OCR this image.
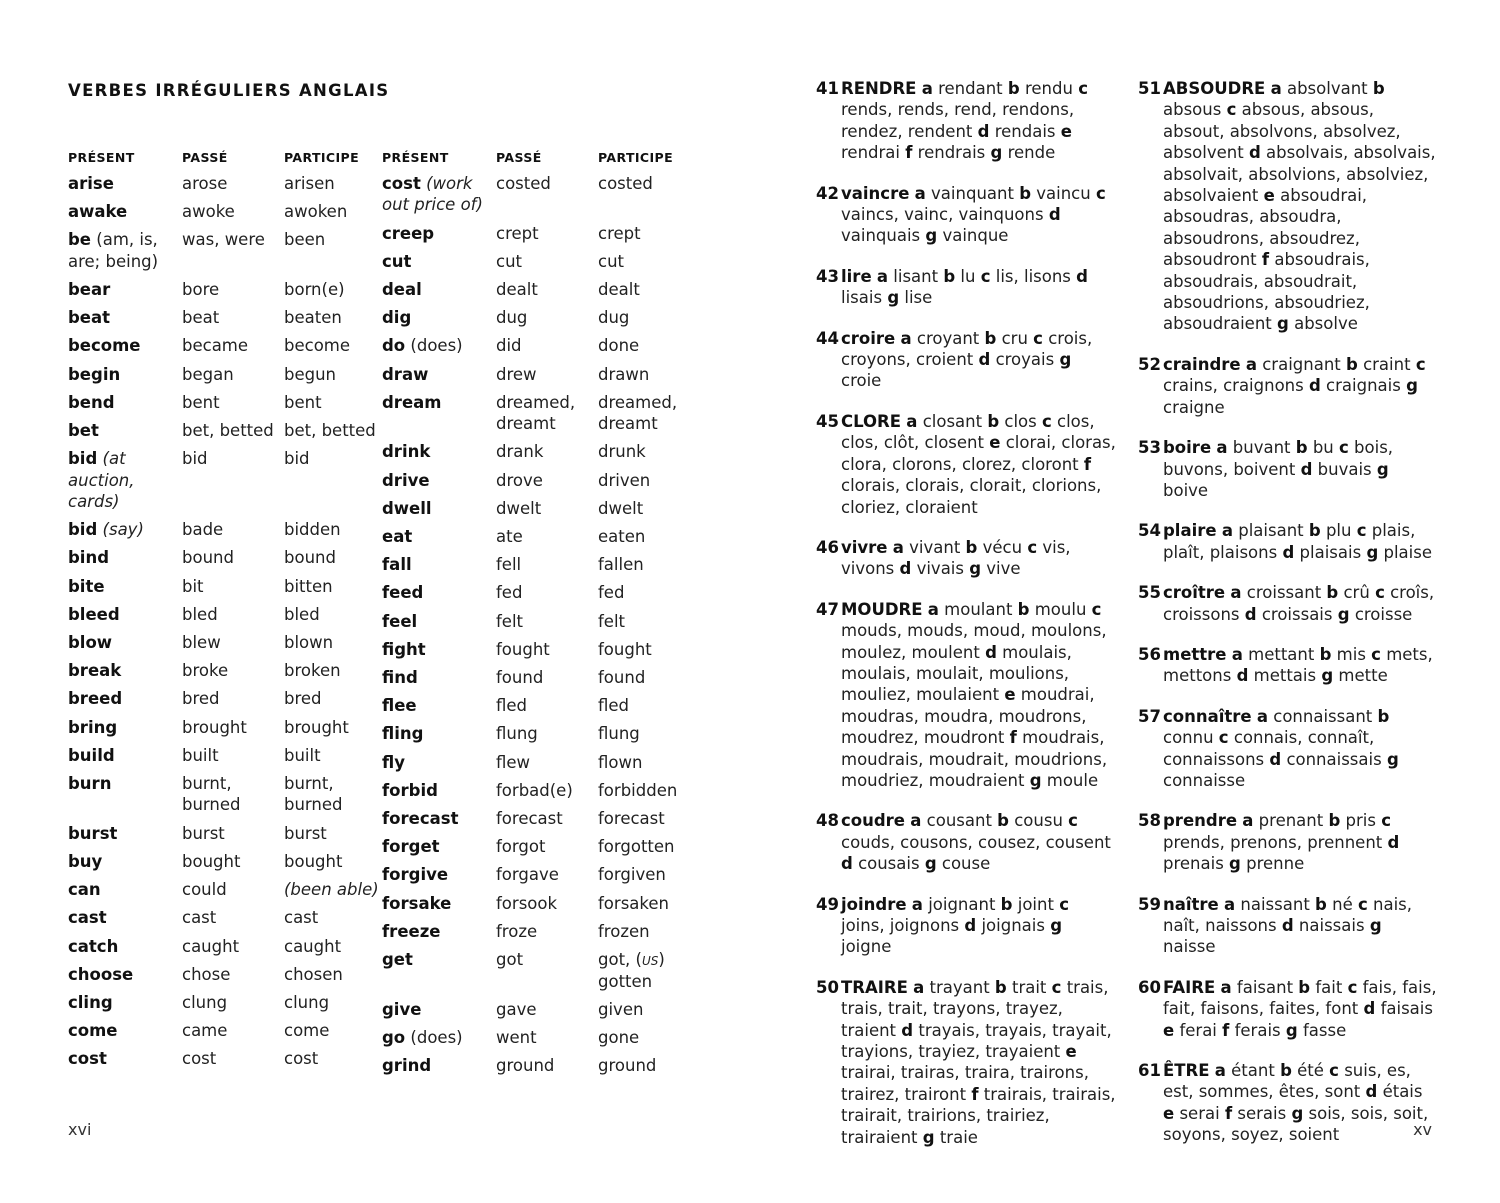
VERBES IRRÉGULIERS ANGLAIS
PRÉSENT	PASSÉ	PARTICIPE
arise	arose	arisen
awake	awoke	awoken
be (am, is, are; being)	was, were	been
bear	bore	born(e)
beat	beat	beaten
become	became	become
begin	began	begun
bend	bent	bent
bet	bet, betted	bet, betted
bid (at auction, cards)	bid	bid
bid (say)	bade	bidden
bind	bound	bound
bite	bit	bitten
bleed	bled	bled
blow	blew	blown
break	broke	broken
breed	bred	bred
bring	brought	brought
build	built	built
burn	burnt, burned	burnt, burned
burst	burst	burst
buy	bought	bought
can	could	(been able)
cast	cast	cast
catch	caught	caught
choose	chose	chosen
cling	clung	clung
come	came	come
cost	cost	cost
PRÉSENT	PASSÉ	PARTICIPE
cost (work out price of)	costed	costed
creep	crept	crept
cut	cut	cut
deal	dealt	dealt
dig	dug	dug
do (does)	did	done
draw	drew	drawn
dream	dreamed, dreamt	dreamed, dreamt
drink	drank	drunk
drive	drove	driven
dwell	dwelt	dwelt
eat	ate	eaten
fall	fell	fallen
feed	fed	fed
feel	felt	felt
fight	fought	fought
find	found	found
flee	fled	fled
fling	flung	flung
fly	flew	flown
forbid	forbad(e)	forbidden
forecast	forecast	forecast
forget	forgot	forgotten
forgive	forgave	forgiven
forsake	forsook	forsaken
freeze	froze	frozen
get	got	got, (us) gotten
give	gave	given
go (does)	went	gone
grind	ground	ground
xvi
41 RENDRE a rendant b rendu c rends, rends, rend, rendons, rendez, rendent d rendais e rendrai f rendrais g rende
42 vaincre a vainquant b vaincu c vaincs, vainc, vainquons d vainquais g vainque
43 lire a lisant b lu c lis, lisons d lisais g lise
44 croire a croyant b cru c crois, croyons, croient d croyais g croie
45 CLORE a closant b clos c clos, clos, clôt, closent e clorai, cloras, clora, clorons, clorez, cloront f clorais, clorais, clorait, clorions, cloriez, cloraient
46 vivre a vivant b vécu c vis, vivons d vivais g vive
47 MOUDRE a moulant b moulu c mouds, mouds, moud, moulons, moulez, moulent d moulais, moulais, moulait, moulions, mouliez, moulaient e moudrai, moudras, moudra, moudrons, moudrez, moudront f moudrais, moudrais, moudrait, moudrions, moudriez, moudraient g moule
48 coudre a cousant b cousu c couds, cousons, cousez, cousent d cousais g couse
49 joindre a joignant b joint c joins, joignons d joignais g joigne
50 TRAIRE a trayant b trait c trais, trais, trait, trayons, trayez, traient d trayais, trayais, trayait, trayions, trayiez, trayaient e trairai, trairas, traira, trairons, trairez, trairont f trairais, trairais, trairait, trairions, trairiez, trairaient g traie
51 ABSOUDRE a absolvant b absous c absous, absous, absout, absolvons, absolvez, absolvent d absolvais, absolvais, absolvait, absolvions, absolviez, absolvaient e absoudrai, absoudras, absoudra, absoudrons, absoudrez, absoudront f absoudrais, absoudrais, absoudrait, absoudrions, absoudriez, absoudraient g absolve
52 craindre a craignant b craint c crains, craignons d craignais g craigne
53 boire a buvant b bu c bois, buvons, boivent d buvais g boive
54 plaire a plaisant b plu c plais, plaît, plaisons d plaisais g plaise
55 croître a croissant b crû c croîs, croissons d croissais g croisse
56 mettre a mettant b mis c mets, mettons d mettais g mette
57 connaître a connaissant b connu c connais, connaît, connaissons d connaissais g connaisse
58 prendre a prenant b pris c prends, prenons, prennent d prenais g prenne
59 naître a naissant b né c nais, naît, naissons d naissais g naisse
60 FAIRE a faisant b fait c fais, fais, fait, faisons, faites, font d faisais e ferai f ferais g fasse
61 ÊTRE a étant b été c suis, es, est, sommes, êtes, sont d étais e serai f serais g sois, sois, soit, soyons, soyez, soient	xv
